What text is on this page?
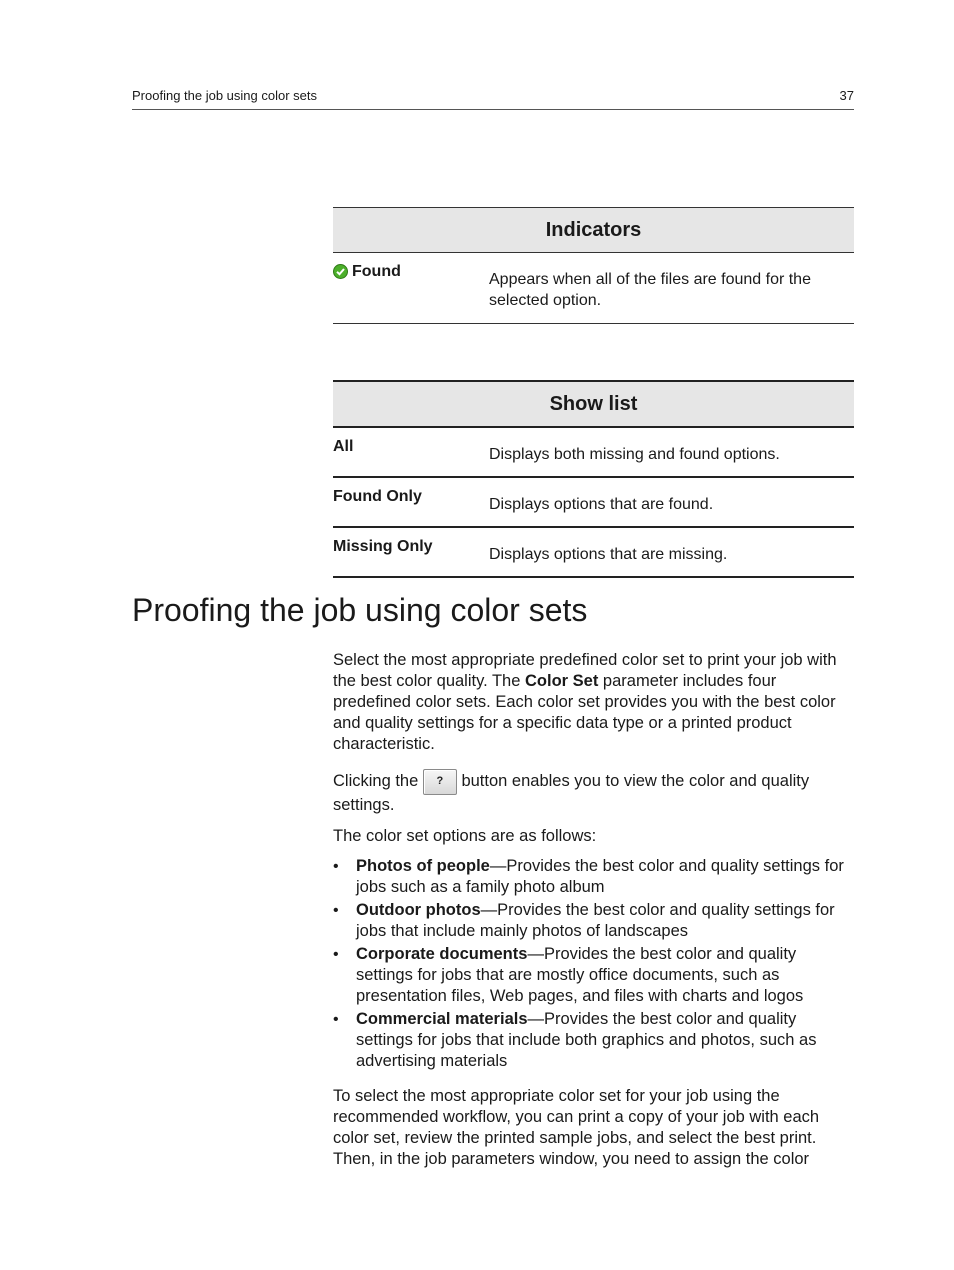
Proofing the job using color sets	37
Indicators

Found	Appears when all of the files are found for the selected option.
Show list	
All	Displays both missing and found options.
Found Only	Displays options that are found.
Missing Only	Displays options that are missing.
Proofing the job using color sets

Select the most appropriate predefined color set to print your job with the best color quality. The Color Set parameter includes four predefined color sets. Each color set provides you with the best color and quality settings for a specific data type or a printed product characteristic.

Clicking the ? button enables you to view the color and quality settings.

The color set options are as follows:

• Photos of people—Provides the best color and quality settings for jobs such as a family photo album
• Outdoor photos—Provides the best color and quality settings for jobs that include mainly photos of landscapes
• Corporate documents—Provides the best color and quality settings for jobs that are mostly office documents, such as presentation files, Web pages, and files with charts and logos
• Commercial materials—Provides the best color and quality settings for jobs that include both graphics and photos, such as advertising materials

To select the most appropriate color set for your job using the recommended workflow, you can print a copy of your job with each color set, review the printed sample jobs, and select the best print. Then, in the job parameters window, you need to assign the color
